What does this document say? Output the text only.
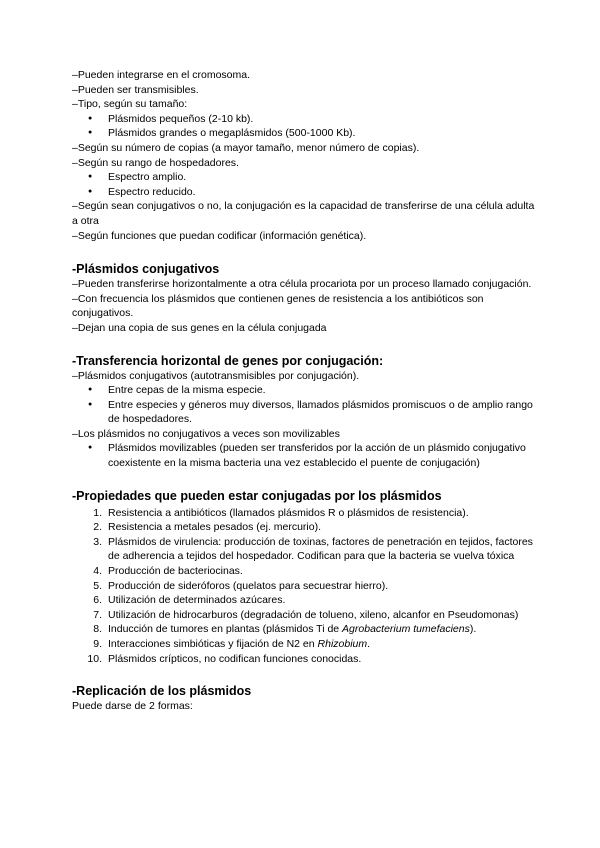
–Pueden integrarse en el cromosoma.

–Pueden ser transmisibles.

–Tipo, según su tamaño:

● Plásmidos pequeños (2-10 kb).
● Plásmidos grandes o megaplásmidos (500-1000 Kb).

–Según su número de copias (a mayor tamaño, menor número de copias).

–Según su rango de hospedadores.

● Espectro amplio.
● Espectro reducido.

–Según sean conjugativos o no, la conjugación es la capacidad de transferirse de una célula adulta a otra

–Según funciones que puedan codificar (información genética).

-Plásmidos conjugativos

–Pueden transferirse horizontalmente a otra célula procariota por un proceso llamado conjugación.

–Con frecuencia los plásmidos que contienen genes de resistencia a los antibióticos son conjugativos.

–Dejan una copia de sus genes en la célula conjugada

-Transferencia horizontal de genes por conjugación:

–Plásmidos conjugativos (autotransmisibles por conjugación).

● Entre cepas de la misma especie.
● Entre especies y géneros muy diversos, llamados plásmidos promiscuos o de amplio rango de hospedadores.

–Los plásmidos no conjugativos a veces son movilizables

● Plásmidos movilizables (pueden ser transferidos por la acción de un plásmido conjugativo coexistente en la misma bacteria una vez establecido el puente de conjugación)
-Propiedades que pueden estar conjugadas por los plásmidos
1. Resistencia a antibióticos (llamados plásmidos R o plásmidos de resistencia).
2. Resistencia a metales pesados (ej. mercurio).
3. Plásmidos de virulencia: producción de toxinas, factores de penetración en tejidos, factores de adherencia a tejidos del hospedador. Codifican para que la bacteria se vuelva tóxica
4. Producción de bacteriocinas.
5. Producción de sideróforos (quelatos para secuestrar hierro).
6. Utilización de determinados azúcares.
7. Utilización de hidrocarburos (degradación de tolueno, xileno, alcanfor en Pseudomonas)
8. Inducción de tumores en plantas (plásmidos Ti de Agrobacterium tumefaciens).
9. Interacciones simbióticas y fijación de N2 en Rhizobium.
10. Plásmidos crípticos, no codifican funciones conocidas.
-Replicación de los plásmidos

Puede darse de 2 formas:
